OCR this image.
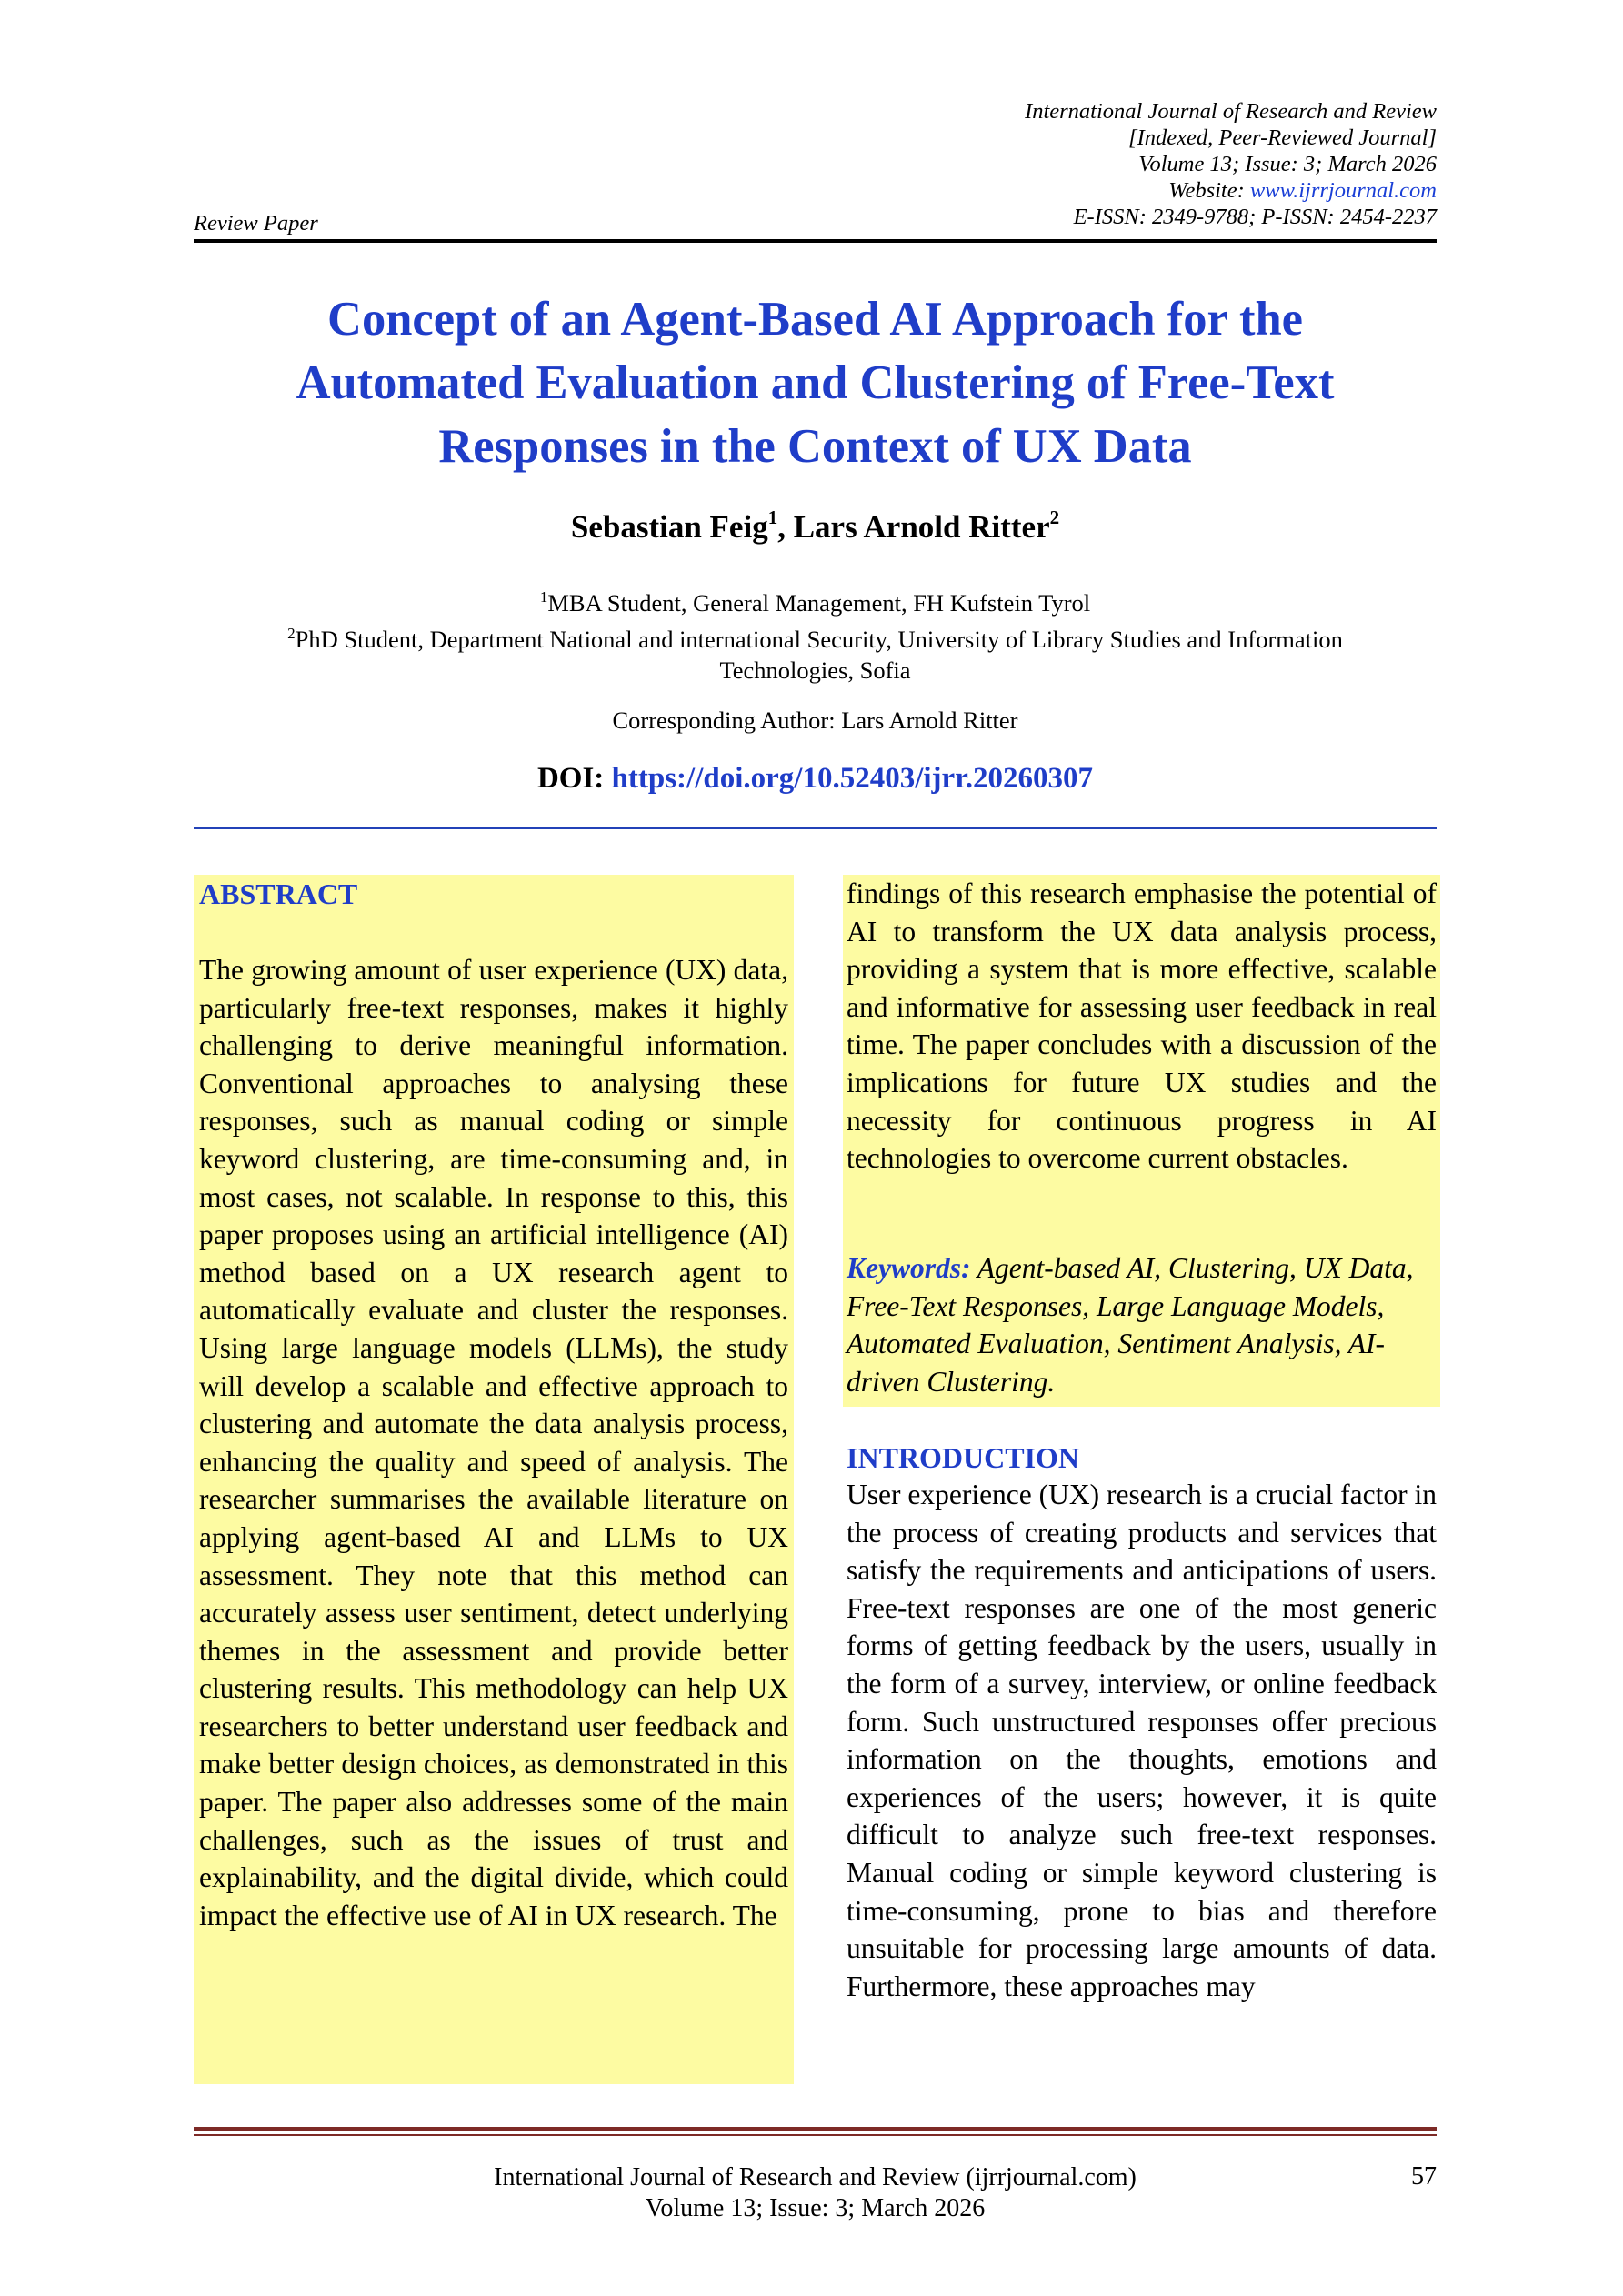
International Journal of Research and Review
[Indexed, Peer-Reviewed Journal]
Volume 13; Issue: 3; March 2026
Website: www.ijrrjournal.com
E-ISSN: 2349-9788; P-ISSN: 2454-2237
Review Paper
Concept of an Agent-Based AI Approach for the
Automated Evaluation and Clustering of Free-Text
Responses in the Context of UX Data
Sebastian Feig$^1$, Lars Arnold Ritter$^2$
$^1$MBA Student, General Management, FH Kufstein Tyrol
$^2$PhD Student, Department National and international Security, University of Library Studies and Information
Technologies, Sofia
Corresponding Author: Lars Arnold Ritter
DOI: https://doi.org/10.52403/ijrr.20260307
ABSTRACT
The growing amount of user experience (UX) data, particularly free-text responses, makes it highly challenging to derive meaningful information. Conventional approaches to analysing these responses, such as manual coding or simple keyword clustering, are time-consuming and, in most cases, not scalable. In response to this, this paper proposes using an artificial intelligence (AI) method based on a UX research agent to automatically evaluate and cluster the responses. Using large language models (LLMs), the study will develop a scalable and effective approach to clustering and automate the data analysis process, enhancing the quality and speed of analysis. The researcher summarises the available literature on applying agent-based AI and LLMs to UX assessment. They note that this method can accurately assess user sentiment, detect underlying themes in the assessment and provide better clustering results. This methodology can help UX researchers to better understand user feedback and make better design choices, as demonstrated in this paper. The paper also addresses some of the main challenges, such as the issues of trust and explainability, and the digital divide, which could impact the effective use of AI in UX research. The
findings of this research emphasise the potential of AI to transform the UX data analysis process, providing a system that is more effective, scalable and informative for assessing user feedback in real time. The paper concludes with a discussion of the implications for future UX studies and the necessity for continuous progress in AI technologies to overcome current obstacles.
Keywords: Agent-based AI, Clustering, UX Data, Free-Text Responses, Large Language Models, Automated Evaluation, Sentiment Analysis, AI-driven Clustering.
INTRODUCTION
User experience (UX) research is a crucial factor in the process of creating products and services that satisfy the requirements and anticipations of users. Free-text responses are one of the most generic forms of getting feedback by the users, usually in the form of a survey, interview, or online feedback form. Such unstructured responses offer precious information on the thoughts, emotions and experiences of the users; however, it is quite difficult to analyze such free-text responses. Manual coding or simple keyword clustering is time-consuming, prone to bias and therefore unsuitable for processing large amounts of data. Furthermore, these approaches may
International Journal of Research and Review (ijrrjournal.com)
Volume 13; Issue: 3; March 2026
57
